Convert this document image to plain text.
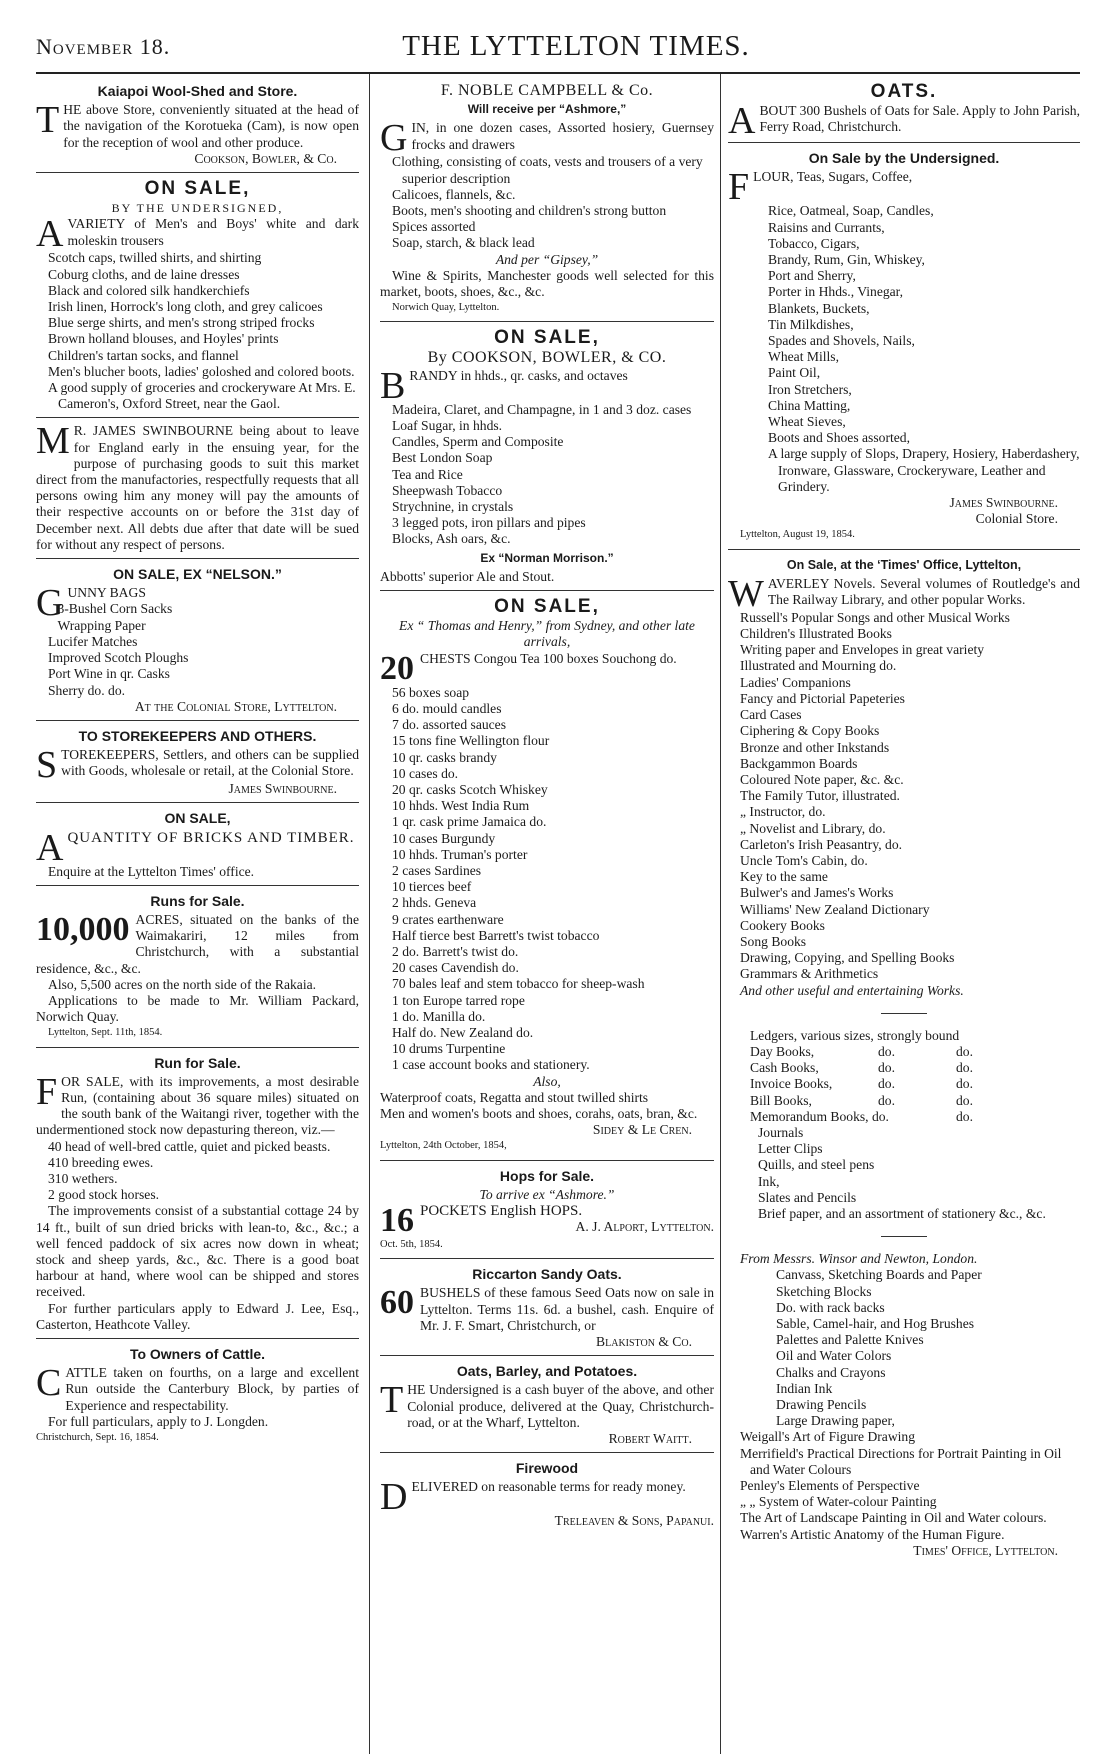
November 18.	THE LYTTELTON TIMES.
Kaiapoi Wool-Shed and Store.
T HE above Store, conveniently situated at the head of the navigation of the Korotueka (Cam), is now open for the reception of wool and other produce.

Cookson, Bowler, & Co.
ON SALE,
BY THE UNDERSIGNED,
A VARIETY of Men's and Boys' white and dark moleskin trousers

Scotch caps, twilled shirts, and shirting
Coburg cloths, and de laine dresses
Black and colored silk handkerchiefs
Irish linen, Horrock's long cloth, and grey calicoes
Blue serge shirts, and men's strong striped frocks
Brown holland blouses, and Hoyles' prints
Children's tartan socks, and flannel
Men's blucher boots, ladies' goloshed and colored boots.
A good supply of groceries and crockeryware At Mrs. E. Cameron's, Oxford Street, near the Gaol.
M R. JAMES SWINBOURNE being about to leave for England early in the ensuing year, for the purpose of purchasing goods to suit this market direct from the manufactories, respectfully requests that all persons owing him any money will pay the amounts of their respective accounts on or before the 31st day of December next. All debts due after that date will be sued for without any respect of persons.

ON SALE, EX “NELSON.”
G UNNY BAGS

3-Bushel Corn Sacks
Wrapping Paper
Lucifer Matches
Improved Scotch Ploughs
Port Wine in qr. Casks
Sherry do. do.
At the Colonial Store, Lyttelton.
TO STOREKEEPERS AND OTHERS.
S TOREKEEPERS, Settlers, and others can be supplied with Goods, wholesale or retail, at the Colonial Store.

James Swinbourne.
ON SALE,
A QUANTITY OF BRICKS AND TIMBER.

Enquire at the Lyttelton Times' office.
Runs for Sale.
10,000 ACRES, situated on the banks of the Waimakariri, 12 miles from Christchurch, with a substantial residence, &c., &c.

Also, 5,500 acres on the north side of the Rakaia.

Applications to be made to Mr. William Packard, Norwich Quay.

Lyttelton, Sept. 11th, 1854.
Run for Sale.
F OR SALE, with its improvements, a most desirable Run, (containing about 36 square miles) situated on the south bank of the Waitangi river, together with the undermentioned stock now depasturing thereon, viz.—

40 head of well-bred cattle, quiet and picked beasts.
410 breeding ewes.
310 wethers.
2 good stock horses.

The improvements consist of a substantial cottage 24 by 14 ft., built of sun dried bricks with lean-to, &c., &c.; a well fenced paddock of six acres now down in wheat; stock and sheep yards, &c., &c. There is a good boat harbour at hand, where wool can be shipped and stores received.

For further particulars apply to Edward J. Lee, Esq., Casterton, Heathcote Valley.

To Owners of Cattle.
C ATTLE taken on fourths, on a large and excellent Run outside the Canterbury Block, by parties of Experience and respectability.

For full particulars, apply to J. Longden.

Christchurch, Sept. 16, 1854.
F. NOBLE CAMPBELL & Co.
Will receive per “Ashmore,”
G IN, in one dozen cases, Assorted hosiery, Guernsey frocks and drawers

Clothing, consisting of coats, vests and trousers of a very superior description
Calicoes, flannels, &c.
Boots, men's shooting and children's strong button
Spices assorted
Soap, starch, & black lead
And per “Gipsey,”

Wine & Spirits, Manchester goods well selected for this market, boots, shoes, &c., &c.

Norwich Quay, Lyttelton.
ON SALE,
By COOKSON, BOWLER, & CO.
B RANDY in hhds., qr. casks, and octaves

Madeira, Claret, and Champagne, in 1 and 3 doz. cases
Loaf Sugar, in hhds.
Candles, Sperm and Composite
Best London Soap
Tea and Rice
Sheepwash Tobacco
Strychnine, in crystals
3 legged pots, iron pillars and pipes
Blocks, Ash oars, &c.
Ex “Norman Morrison.”
Abbotts' superior Ale and Stout.
ON SALE,
Ex “ Thomas and Henry,” from Sydney, and other late arrivals,
20 CHESTS Congou Tea 100 boxes Souchong do.

56 boxes soap
6 do. mould candles
7 do. assorted sauces
15 tons fine Wellington flour
10 qr. casks brandy
10 cases do.
20 qr. casks Scotch Whiskey
10 hhds. West India Rum
1 qr. cask prime Jamaica do.
10 cases Burgundy
10 hhds. Truman's porter
2 cases Sardines
10 tierces beef
2 hhds. Geneva
9 crates earthenware
Half tierce best Barrett's twist tobacco
2 do. Barrett's twist do.
20 cases Cavendish do.
70 bales leaf and stem tobacco for sheep-wash
1 ton Europe tarred rope
1 do. Manilla do.
Half do. New Zealand do.
10 drums Turpentine
1 case account books and stationery.
Also,

Waterproof coats, Regatta and stout twilled shirts

Men and women's boots and shoes, corahs, oats, bran, &c.

Sidey & Le Cren.
Lyttelton, 24th October, 1854,
Hops for Sale.
To arrive ex “Ashmore.”
16 POCKETS English HOPS.

A. J. Alport, Lyttelton.
Oct. 5th, 1854.
Riccarton Sandy Oats.
60 BUSHELS of these famous Seed Oats now on sale in Lyttelton. Terms 11s. 6d. a bushel, cash. Enquire of Mr. J. F. Smart, Christchurch, or

Blakiston & Co.
Oats, Barley, and Potatoes.
T HE Undersigned is a cash buyer of the above, and other Colonial produce, delivered at the Quay, Christchurch-road, or at the Wharf, Lyttelton.

Robert Waitt.
Firewood
D ELIVERED on reasonable terms for ready money.

Treleaven & Sons, Papanui.
OATS.
A BOUT 300 Bushels of Oats for Sale. Apply to John Parish, Ferry Road, Christchurch.

On Sale by the Undersigned.
F LOUR, Teas, Sugars, Coffee,

Rice, Oatmeal, Soap, Candles,
Raisins and Currants,
Tobacco, Cigars,
Brandy, Rum, Gin, Whiskey,
Port and Sherry,
Porter in Hhds., Vinegar,
Blankets, Buckets,
Tin Milkdishes,
Spades and Shovels, Nails,
Wheat Mills,
Paint Oil,
Iron Stretchers,
China Matting,
Wheat Sieves,
Boots and Shoes assorted,
A large supply of Slops, Drapery, Hosiery, Haberdashery, Ironware, Glassware, Crockeryware, Leather and Grindery.
James Swinbourne.
Colonial Store.
Lyttelton, August 19, 1854.
On Sale, at the ‘Times' Office, Lyttelton,
W AVERLEY Novels. Several volumes of Routledge's and The Railway Library, and other popular Works.

Russell's Popular Songs and other Musical Works
Children's Illustrated Books
Writing paper and Envelopes in great variety
Illustrated and Mourning do.
Ladies' Companions
Fancy and Pictorial Papeteries
Card Cases
Ciphering & Copy Books
Bronze and other Inkstands
Backgammon Boards
Coloured Note paper, &c. &c.
The Family Tutor, illustrated.
„ Instructor, do.
„ Novelist and Library, do.
Carleton's Irish Peasantry, do.
Uncle Tom's Cabin, do.
Key to the same
Bulwer's and James's Works
Williams' New Zealand Dictionary
Cookery Books
Song Books
Drawing, Copying, and Spelling Books
Grammars & Arithmetics
And other useful and entertaining Works.
Ledgers, various sizes, strongly bound
Day Books,	do.	do.
Cash Books,	do.	do.
Invoice Books,	do.	do.
Bill Books,	do.	do.
Memorandum Books, do.	do.
Journals
Letter Clips
Quills, and steel pens
Ink,
Slates and Pencils
Brief paper, and an assortment of stationery &c., &c.
From Messrs. Winsor and Newton, London.
Canvass, Sketching Boards and Paper
Sketching Blocks
Do. with rack backs
Sable, Camel-hair, and Hog Brushes
Palettes and Palette Knives
Oil and Water Colors
Chalks and Crayons
Indian Ink
Drawing Pencils
Large Drawing paper,
Weigall's Art of Figure Drawing
Merrifield's Practical Directions for Portrait Painting in Oil and Water Colours
Penley's Elements of Perspective
„ „ System of Water-colour Painting
The Art of Landscape Painting in Oil and Water colours.
Warren's Artistic Anatomy of the Human Figure.
Times' Office, Lyttelton.
